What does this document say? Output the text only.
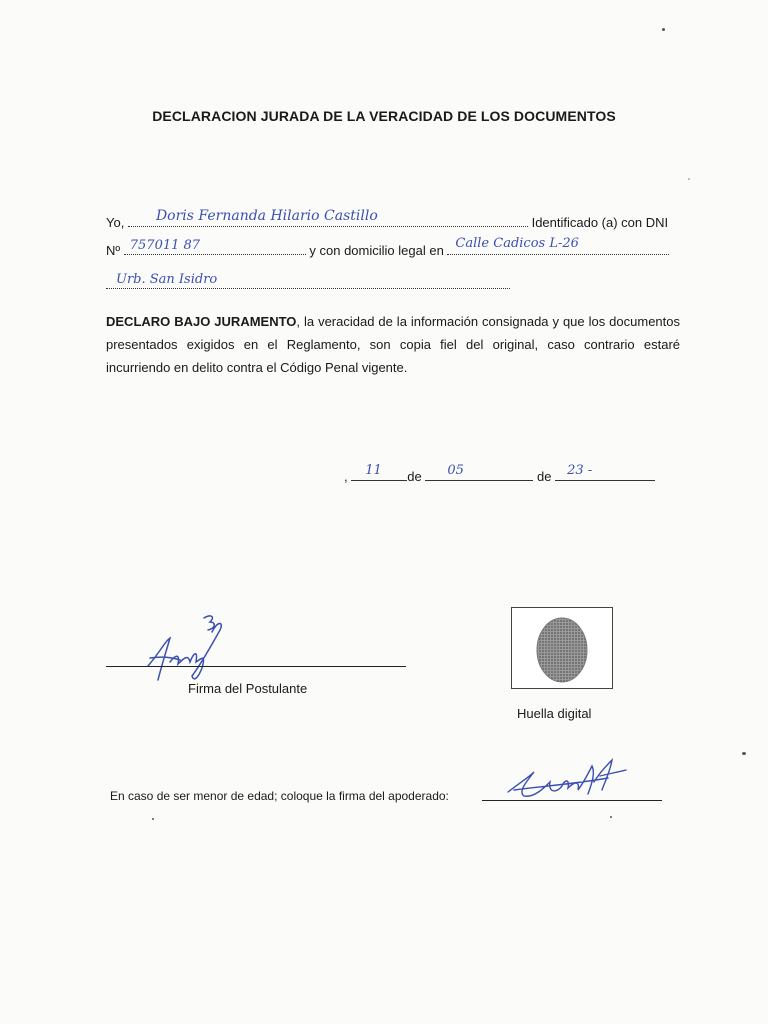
DECLARACION JURADA DE LA VERACIDAD DE LOS DOCUMENTOS
Yo, Doris Fernanda Hilario Castillo	Identificado (a) con DNI
Nº 757011 87	y con domicilio legal en Calle Cadicos L-26
Urb. San Isidro
DECLARO BAJO JURAMENTO, la veracidad de la información consignada y que los documentos presentados exigidos en el Reglamento, son copia fiel del original, caso contrario estaré incurriendo en delito contra el Código Penal vigente.
, 11 de 05	de 23 -
Firma del Postulante
Huella digital
En caso de ser menor de edad; coloque la firma del apoderado:
